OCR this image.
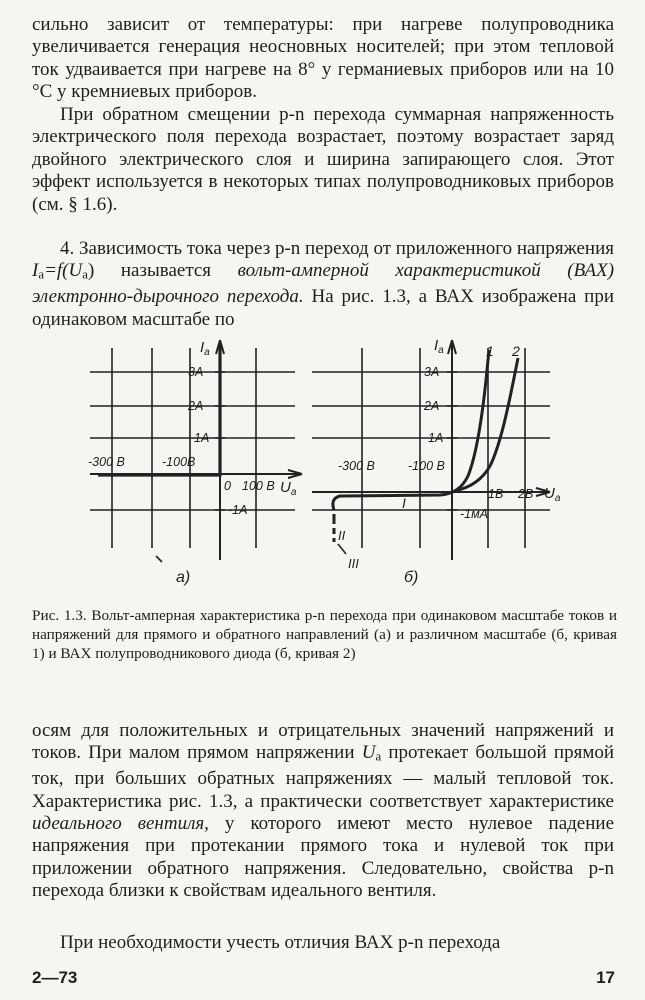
сильно зависит от температуры: при нагреве полупроводника увеличивается генерация неосновных носителей; при этом тепловой ток удваивается при нагреве на 8° у германиевых приборов или на 10 °С у кремниевых приборов.

При обратном смещении p-n перехода суммарная напряженность электрического поля перехода возрастает, поэтому возрастает заряд двойного электрического слоя и ширина запирающего слоя. Этот эффект используется в некоторых типах полупроводниковых приборов (см. § 1.6).

4. Зависимость тока через p-n переход от приложенного напряжения Ia=f(Ua) называется вольт-амперной характеристикой (ВАХ) электронно-дырочного перехода. На рис. 1.3, а ВАХ изображена при одинаковом масштабе по

$I_a$
3А
2А
1А
-1А
-300 В	-100В
0 100 В $U_a$
а)
$I_a$
3А
2А
1А
-1мА
-300 В	-100 В
1В 2В $U_a$
1 2
I
II
III
б)
Рис. 1.3. Вольт-амперная характеристика p-n перехода при одинаковом масштабе токов и напряжений для прямого и обратного направлений (а) и различном масштабе (б, кривая 1) и ВАХ полупроводникового диода (б, кривая 2)

осям для положительных и отрицательных значений напряжений и токов. При малом прямом напряжении Ua протекает большой прямой ток, при больших обратных напряжениях — малый тепловой ток. Характеристика рис. 1.3, а практически соответствует характеристике идеального вентиля, у которого имеют место нулевое падение напряжения при протекании прямого тока и нулевой ток при приложении обратного напряжения. Следовательно, свойства p-n перехода близки к свойствам идеального вентиля.

При необходимости учесть отличия ВАХ p-n перехода

2—73	17
